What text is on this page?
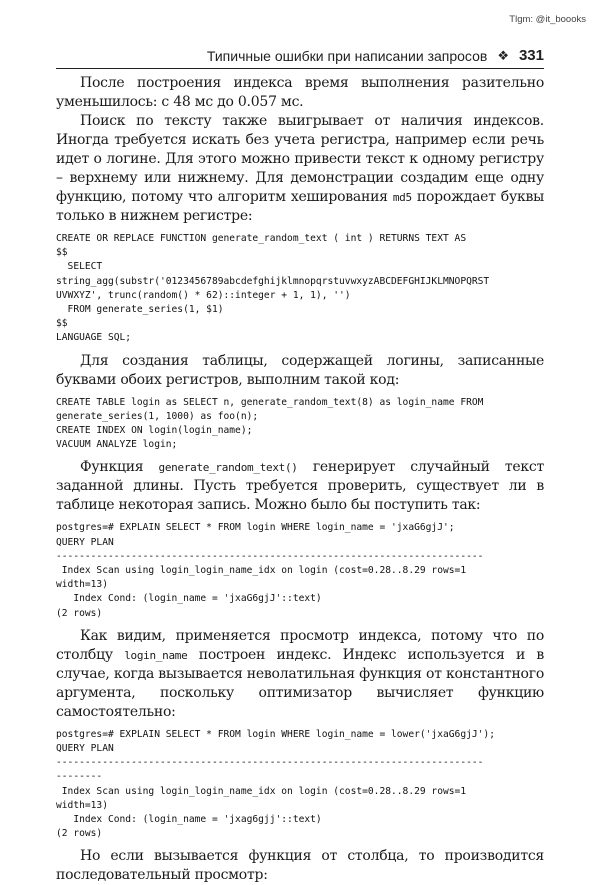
Tlgm: @it_boooks
Типичные ошибки при написании запросов ❖ 331

После построения индекса время выполнения разительно уменьшилось: с 48 мс до 0.057 мс.

Поиск по тексту также выигрывает от наличия индексов. Иногда требуется искать без учета регистра, например если речь идет о логине. Для этого можно привести текст к одному регистру – верхнему или нижнему. Для демонстрации создадим еще одну функцию, потому что алгоритм хеширования md5 порождает буквы только в нижнем регистре:

CREATE OR REPLACE FUNCTION generate_random_text ( int ) RETURNS TEXT AS
$$
SELECT
string_agg(substr('0123456789abcdefghijklmnopqrstuvwxyzABCDEFGHIJKLMNOPQRST
UVWXYZ', trunc(random() * 62)::integer + 1, 1), '')
FROM generate_series(1, $1)
$$
LANGUAGE SQL;

Для создания таблицы, содержащей логины, записанные буквами обоих регистров, выполним такой код:

CREATE TABLE login as SELECT n, generate_random_text(8) as login_name FROM
generate_series(1, 1000) as foo(n);
CREATE INDEX ON login(login_name);
VACUUM ANALYZE login;

Функция generate_random_text() генерирует случайный текст заданной длины. Пусть требуется проверить, существует ли в таблице некоторая запись. Можно было бы поступить так:

postgres=# EXPLAIN SELECT * FROM login WHERE login_name = 'jxaG6gjJ';
QUERY PLAN
--------------------------------------------------------------------------
Index Scan using login_login_name_idx on login (cost=0.28..8.29 rows=1
width=13)
Index Cond: (login_name = 'jxaG6gjJ'::text)
(2 rows)

Как видим, применяется просмотр индекса, потому что по столбцу login_name построен индекс. Индекс используется и в случае, когда вызывается неволатильная функция от константного аргумента, поскольку оптимизатор вычисляет функцию самостоятельно:

postgres=# EXPLAIN SELECT * FROM login WHERE login_name = lower('jxaG6gjJ');
QUERY PLAN
--------------------------------------------------------------------------
--------
Index Scan using login_login_name_idx on login (cost=0.28..8.29 rows=1
width=13)
Index Cond: (login_name = 'jxag6gjj'::text)
(2 rows)

Но если вызывается функция от столбца, то производится последовательный просмотр:
